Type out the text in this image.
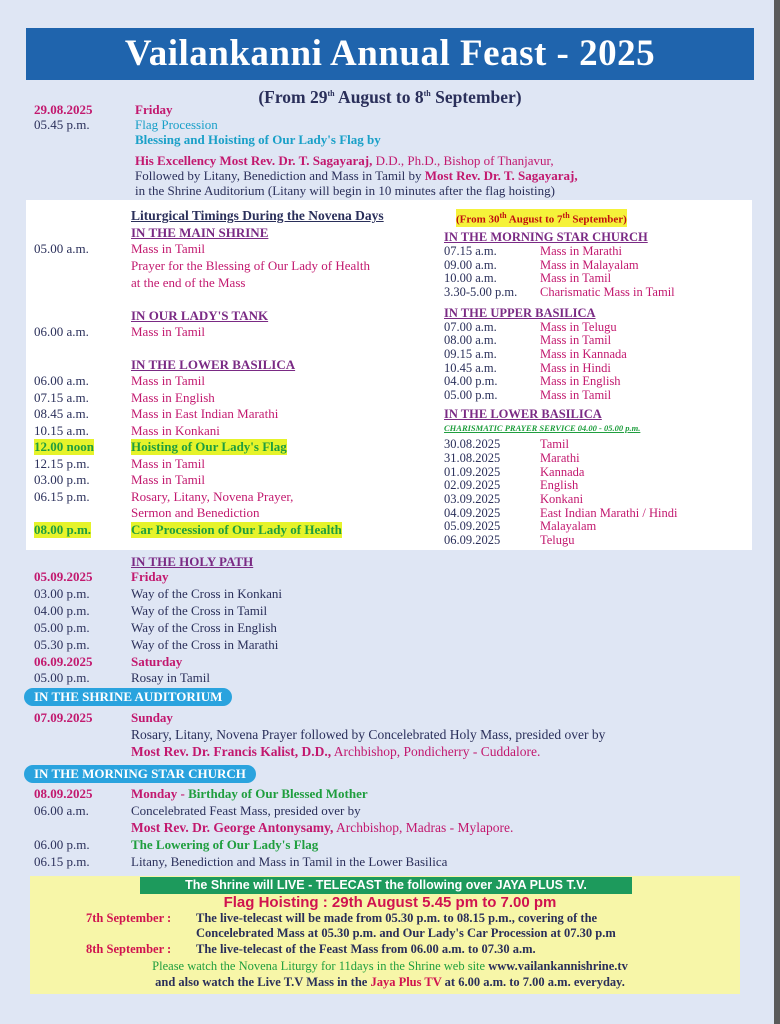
Vailankanni Annual Feast - 2025
(From 29th August to 8th September)
29.08.2025	Friday
05.45 p.m.	Flag Procession
Blessing and Hoisting of Our Lady's Flag by
His Excellency Most Rev. Dr. T. Sagayaraj, D.D., Ph.D., Bishop of Thanjavur,
Followed by Litany, Benediction and Mass in Tamil by Most Rev. Dr. T. Sagayaraj,
in the Shrine Auditorium (Litany will begin in 10 minutes after the flag hoisting)
Liturgical Timings During the Novena Days	(From 30th August to 7th September)
IN THE MAIN SHRINE
05.00 a.m.	Mass in Tamil
Prayer for the Blessing of Our Lady of Health
at the end of the Mass
IN OUR LADY'S TANK
06.00 a.m.	Mass in Tamil
IN THE LOWER BASILICA
06.00 a.m.	Mass in Tamil
07.15 a.m.	Mass in English
08.45 a.m.	Mass in East Indian Marathi
10.15 a.m.	Mass in Konkani
12.00 noon	Hoisting of Our Lady's Flag
12.15 p.m.	Mass in Tamil
03.00 p.m.	Mass in Tamil
06.15 p.m.	Rosary, Litany, Novena Prayer,
Sermon and Benediction
08.00 p.m.	Car Procession of Our Lady of Health
IN THE MORNING STAR CHURCH
07.15 a.m.	Mass in Marathi
09.00 a.m.	Mass in Malayalam
10.00 a.m.	Mass in Tamil
3.30-5.00 p.m. Charismatic Mass in Tamil
IN THE UPPER BASILICA
07.00 a.m.	Mass in Telugu
08.00 a.m.	Mass in Tamil
09.15 a.m.	Mass in Kannada
10.45 a.m.	Mass in Hindi
04.00 p.m.	Mass in English
05.00 p.m.	Mass in Tamil
IN THE LOWER BASILICA
CHARISMATIC PRAYER SERVICE 04.00 - 05.00 p.m.
30.08.2025	Tamil
31.08.2025	Marathi
01.09.2025	Kannada
02.09.2025	English
03.09.2025	Konkani
04.09.2025	East Indian Marathi / Hindi
05.09.2025	Malayalam
06.09.2025	Telugu
IN THE HOLY PATH
05.09.2025	Friday
03.00 p.m.	Way of the Cross in Konkani
04.00 p.m.	Way of the Cross in Tamil
05.00 p.m.	Way of the Cross in English
05.30 p.m.	Way of the Cross in Marathi
06.09.2025	Saturday
05.00 p.m.	Rosay in Tamil
IN THE SHRINE AUDITORIUM
07.09.2025	Sunday
Rosary, Litany, Novena Prayer followed by Concelebrated Holy Mass, presided over by
Most Rev. Dr. Francis Kalist, D.D., Archbishop, Pondicherry - Cuddalore.
IN THE MORNING STAR CHURCH
08.09.2025	Monday - Birthday of Our Blessed Mother
06.00 a.m.	Concelebrated Feast Mass, presided over by
Most Rev. Dr. George Antonysamy, Archbishop, Madras - Mylapore.
06.00 p.m.	The Lowering of Our Lady's Flag
06.15 p.m.	Litany, Benediction and Mass in Tamil in the Lower Basilica
The Shrine will LIVE - TELECAST the following over JAYA PLUS T.V.
Flag Hoisting : 29th August 5.45 pm to 7.00 pm
7th September : The live-telecast will be made from 05.30 p.m. to 08.15 p.m., covering of the
Concelebrated Mass at 05.30 p.m. and Our Lady's Car Procession at 07.30 p.m
8th September : The live-telecast of the Feast Mass from 06.00 a.m. to 07.30 a.m.
Please watch the Novena Liturgy for 11days in the Shrine web site www.vailankannishrine.tv
and also watch the Live T.V Mass in the Jaya Plus TV at 6.00 a.m. to 7.00 a.m. everyday.
